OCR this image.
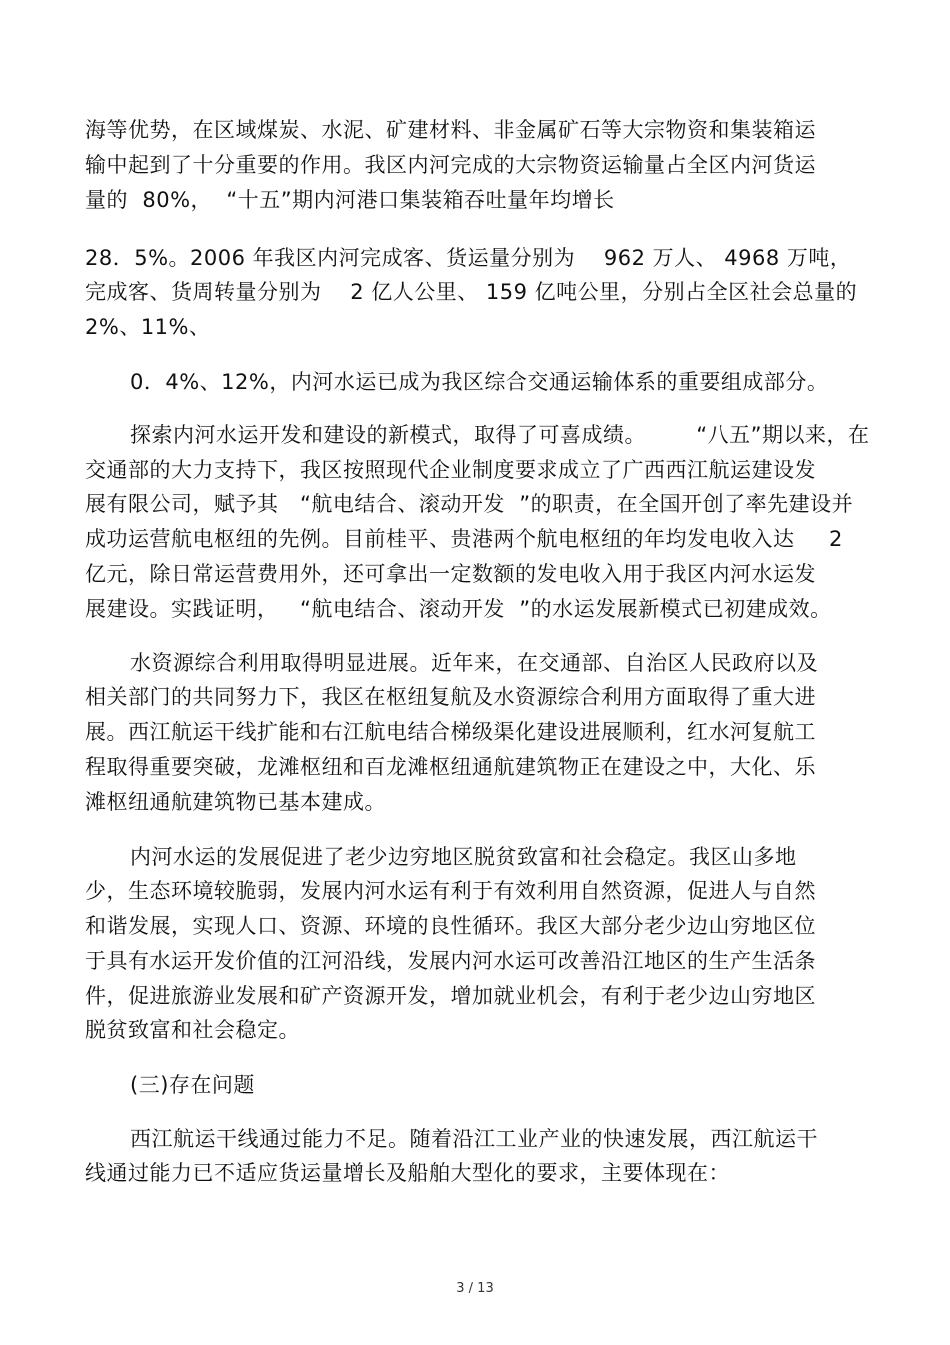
海等优势，在区域煤炭、水泥、矿建材料、非金属矿石等大宗物资和集装箱运
输中起到了十分重要的作用。我区内河完成的大宗物资运输量占全区内河货运
量的  80%，  “十五”期内河港口集装箱吞吐量年均增长
28．5%。2006 年我区内河完成客、货运量分别为    962 万人、 4968 万吨，
完成客、货周转量分别为    2 亿人公里、 159 亿吨公里，分别占全区社会总量的
2%、11%、
0．4%、12%，内河水运已成为我区综合交通运输体系的重要组成部分。
探索内河水运开发和建设的新模式，取得了可喜成绩。       “八五”期以来，在
交通部的大力支持下，我区按照现代企业制度要求成立了广西西江航运建设发
展有限公司，赋予其   “航电结合、滚动开发  ”的职责，在全国开创了率先建设并
成功运营航电枢纽的先例。目前桂平、贵港两个航电枢纽的年均发电收入达 2
亿元，除日常运营费用外，还可拿出一定数额的发电收入用于我区内河水运发
展建设。实践证明，   “航电结合、滚动开发  ”的水运发展新模式已初建成效。
水资源综合利用取得明显进展。近年来，在交通部、自治区人民政府以及
相关部门的共同努力下，我区在枢纽复航及水资源综合利用方面取得了重大进
展。西江航运干线扩能和右江航电结合梯级渠化建设进展顺利，红水河复航工
程取得重要突破，龙滩枢纽和百龙滩枢纽通航建筑物正在建设之中，大化、乐
滩枢纽通航建筑物已基本建成。
内河水运的发展促进了老少边穷地区脱贫致富和社会稳定。我区山多地
少，生态环境较脆弱，发展内河水运有利于有效利用自然资源，促进人与自然
和谐发展，实现人口、资源、环境的良性循环。我区大部分老少边山穷地区位
于具有水运开发价值的江河沿线，发展内河水运可改善沿江地区的生产生活条
件，促进旅游业发展和矿产资源开发，增加就业机会，有利于老少边山穷地区
脱贫致富和社会稳定。
(三)存在问题
西江航运干线通过能力不足。随着沿江工业产业的快速发展，西江航运干
线通过能力已不适应货运量增长及船舶大型化的要求，主要体现在：
3 / 13
